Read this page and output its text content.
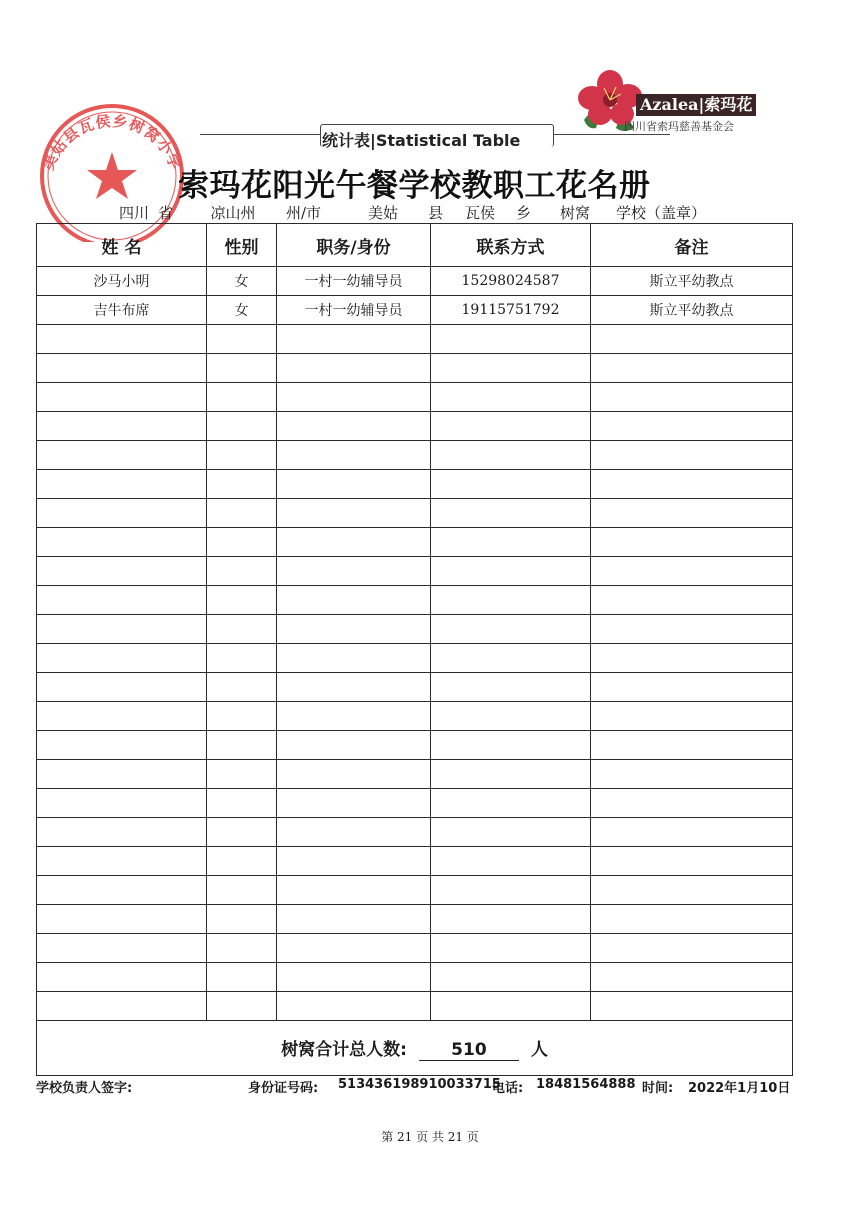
Azalea|索玛花
四川省索玛慈善基金会
统计表|Statistical Table
美姑县瓦侯乡树窝小学
索玛花阳光午餐学校教职工花名册
四川 省	凉山州	州/市	美姑	县	瓦侯	乡	树窝	学校（盖章）
姓 名	性别	职务/身份	联系方式	备注
沙马小明	女	一村一幼辅导员	15298024587	斯立平幼教点
吉牛布席	女	一村一幼辅导员	19115751792	斯立平幼教点

树窝合计总人数: 510 人				
学校负责人签字:	身份证号码: 513436198910033715
电话: 18481564888 时间: 2022年1月10日
第 21 页 共 21 页
